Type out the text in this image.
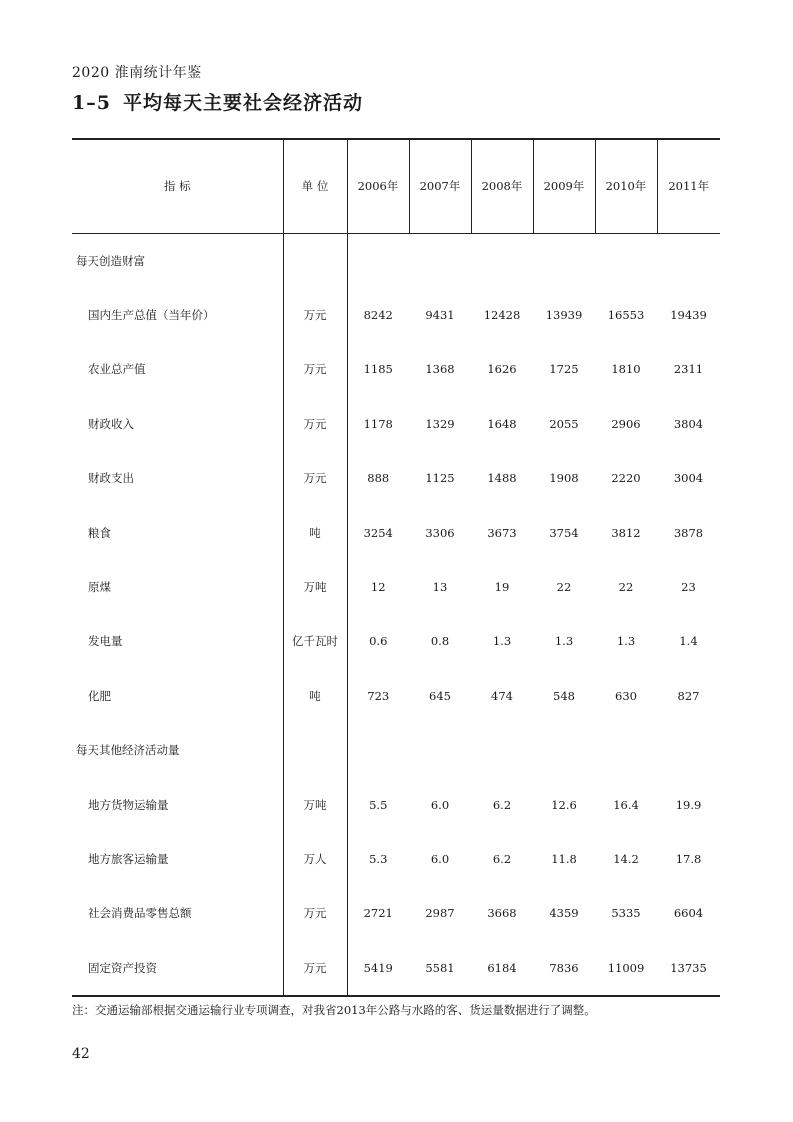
2020 淮南统计年鉴
1–5 平均每天主要社会经济活动
指 标	单 位	2006年	2007年	2008年	2009年	2010年	2011年
每天创造财富							
国内生产总值（当年价）	万元	8242	9431	12428	13939	16553	19439
农业总产值	万元	1185	1368	1626	1725	1810	2311
财政收入	万元	1178	1329	1648	2055	2906	3804
财政支出	万元	888	1125	1488	1908	2220	3004
粮食	吨	3254	3306	3673	3754	3812	3878
原煤	万吨	12	13	19	22	22	23
发电量	亿千瓦时	0.6	0.8	1.3	1.3	1.3	1.4
化肥	吨	723	645	474	548	630	827
每天其他经济活动量							
地方货物运输量	万吨	5.5	6.0	6.2	12.6	16.4	19.9
地方旅客运输量	万人	5.3	6.0	6.2	11.8	14.2	17.8
社会消费品零售总额	万元	2721	2987	3668	4359	5335	6604
固定资产投资	万元	5419	5581	6184	7836	11009	13735
注：交通运输部根据交通运输行业专项调查，对我省2013年公路与水路的客、货运量数据进行了调整。
42
